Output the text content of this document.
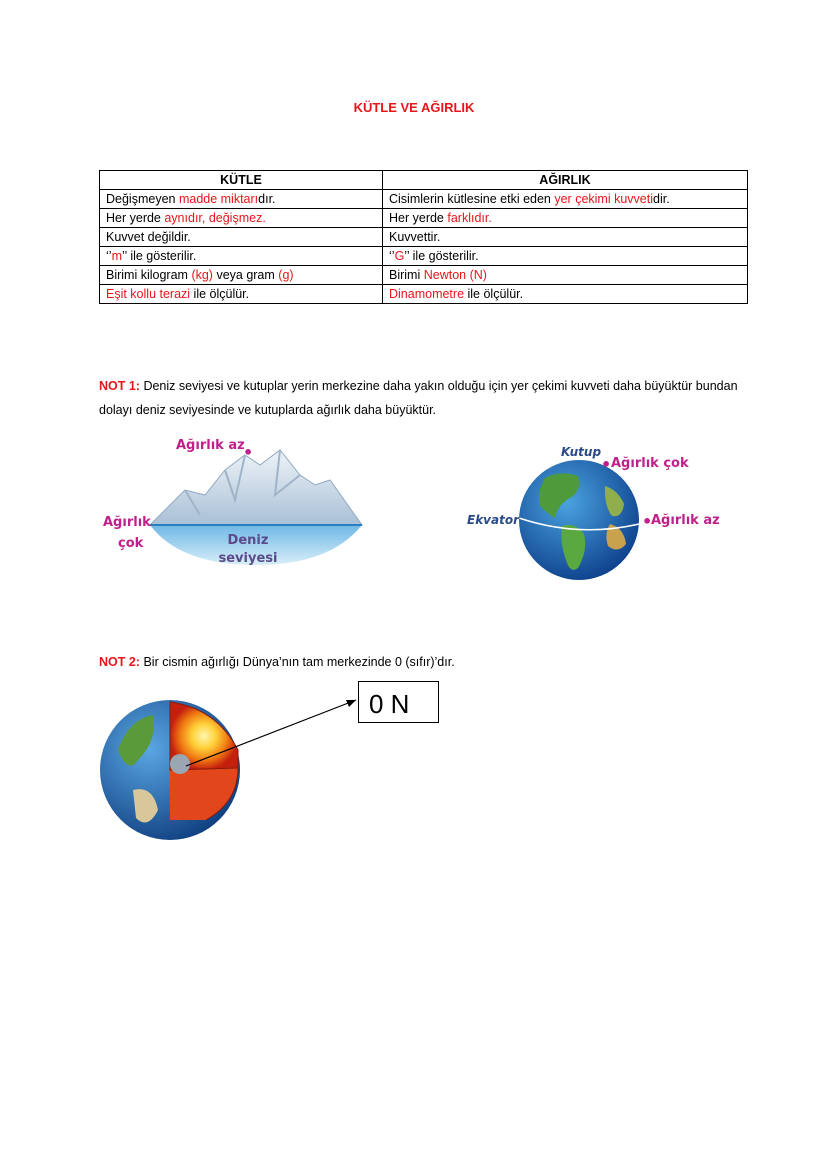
KÜTLE VE AĞIRLIK
KÜTLE	AĞIRLIK
Değişmeyen madde miktarıdır.	Cisimlerin kütlesine etki eden yer çekimi kuvvetidir.
Her yerde aynıdır, değişmez.	Her yerde farklıdır.
Kuvvet değildir.	Kuvvettir.
‘’m’’ ile gösterilir.	‘’G’’ ile gösterilir.
Birimi kilogram (kg) veya gram (g)	Birimi Newton (N)
Eşit kollu terazi ile ölçülür.	Dinamometre ile ölçülür.
NOT 1: Deniz seviyesi ve kutuplar yerin merkezine daha yakın olduğu için yer çekimi kuvveti daha büyüktür bundan dolayı deniz seviyesinde ve kutuplarda ağırlık daha büyüktür.
Ağırlık az
•
Ağırlık
çok	Deniz
seviyesi
Kutup
• Ağırlık çok
Ekvator	•
Ağırlık az
NOT 2: Bir cismin ağırlığı Dünya’nın tam merkezinde 0 (sıfır)’dır.
0 N
